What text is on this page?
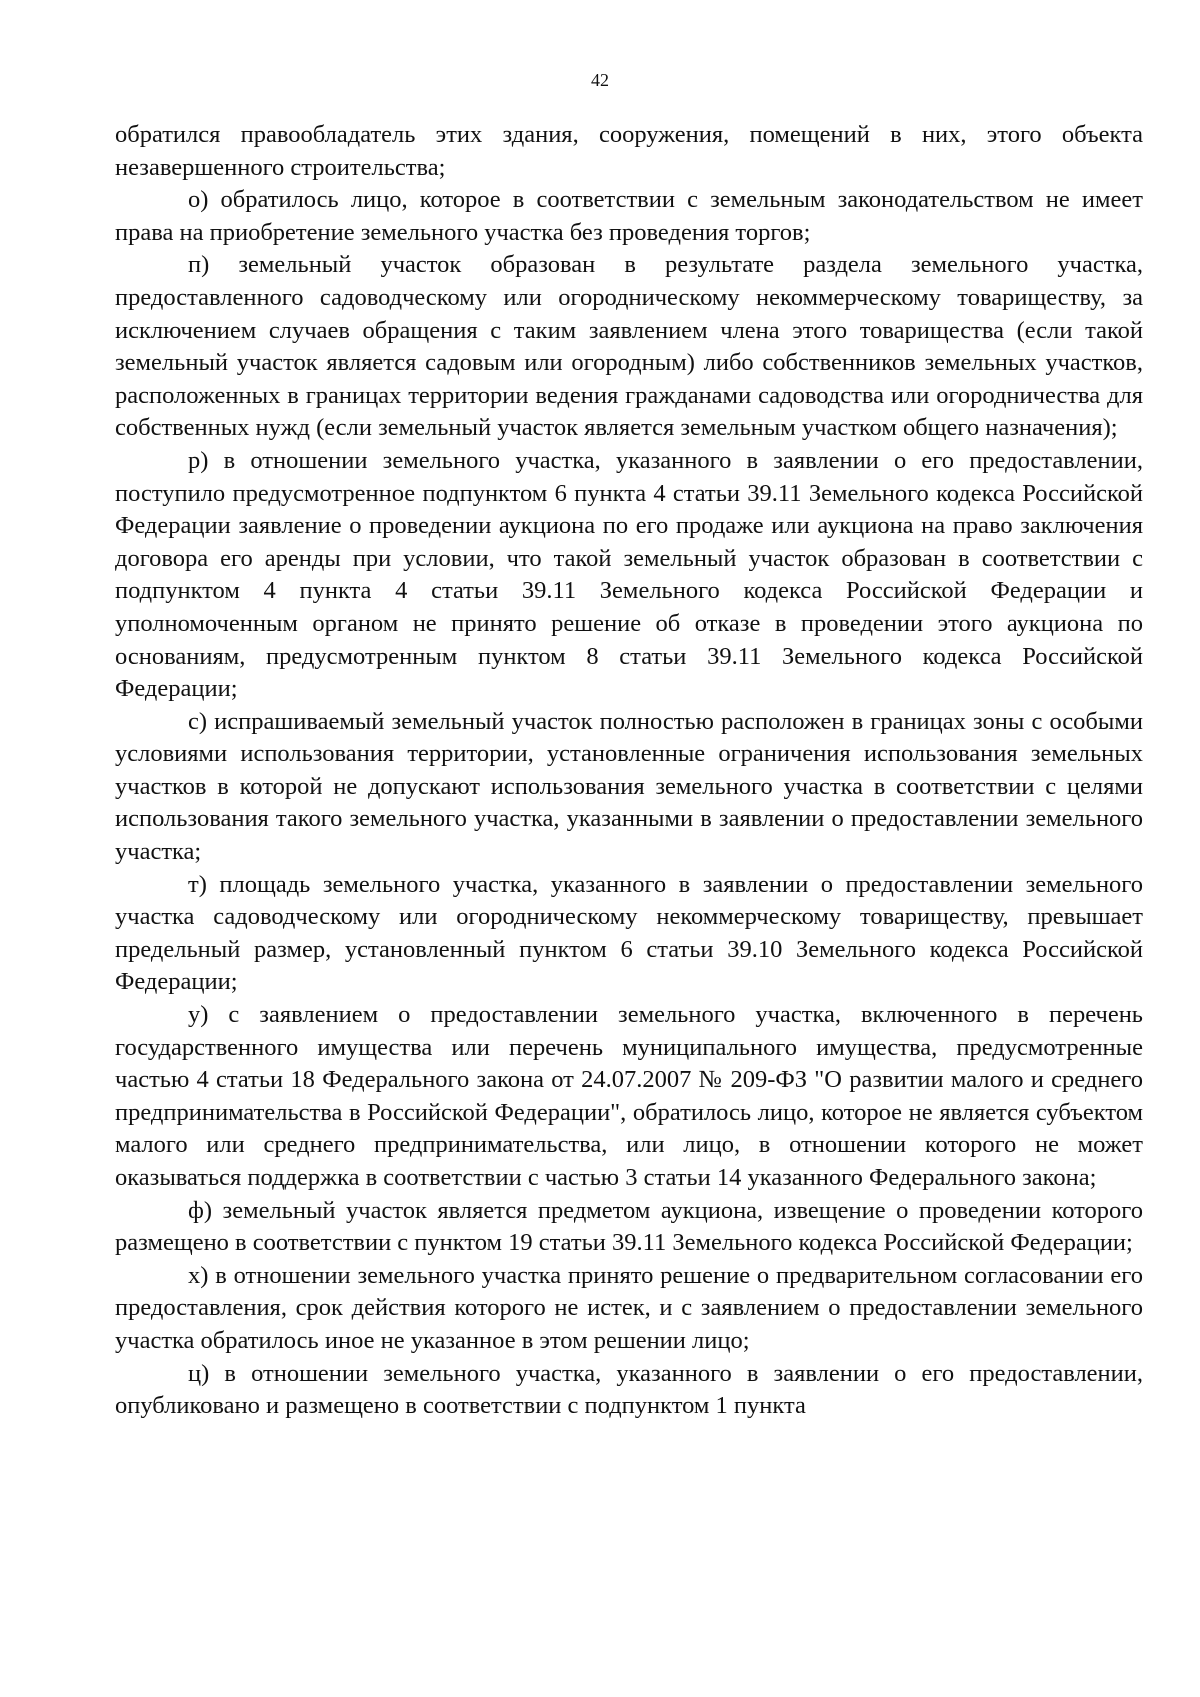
42

обратился правообладатель этих здания, сооружения, помещений в них, этого объекта незавершенного строительства;

о) обратилось лицо, которое в соответствии с земельным законодательством не имеет права на приобретение земельного участка без проведения торгов;

п) земельный участок образован в результате раздела земельного участка, предоставленного садоводческому или огородническому некоммерческому товариществу, за исключением случаев обращения с таким заявлением члена этого товарищества (если такой земельный участок является садовым или огородным) либо собственников земельных участков, расположенных в границах территории ведения гражданами садоводства или огородничества для собственных нужд (если земельный участок является земельным участком общего назначения);

р) в отношении земельного участка, указанного в заявлении о его предоставлении, поступило предусмотренное подпунктом 6 пункта 4 статьи 39.11 Земельного кодекса Российской Федерации заявление о проведении аукциона по его продаже или аукциона на право заключения договора его аренды при условии, что такой земельный участок образован в соответствии с подпунктом 4 пункта 4 статьи 39.11 Земельного кодекса Российской Федерации и уполномоченным органом не принято решение об отказе в проведении этого аукциона по основаниям, предусмотренным пунктом 8 статьи 39.11 Земельного кодекса Российской Федерации;

с) испрашиваемый земельный участок полностью расположен в границах зоны с особыми условиями использования территории, установленные ограничения использования земельных участков в которой не допускают использования земельного участка в соответствии с целями использования такого земельного участка, указанными в заявлении о предоставлении земельного участка;

т) площадь земельного участка, указанного в заявлении о предоставлении земельного участка садоводческому или огородническому некоммерческому товариществу, превышает предельный размер, установленный пунктом 6 статьи 39.10 Земельного кодекса Российской Федерации;

у) с заявлением о предоставлении земельного участка, включенного в перечень государственного имущества или перечень муниципального имущества, предусмотренные частью 4 статьи 18 Федерального закона от 24.07.2007 № 209-ФЗ "О развитии малого и среднего предпринимательства в Российской Федерации", обратилось лицо, которое не является субъектом малого или среднего предпринимательства, или лицо, в отношении которого не может оказываться поддержка в соответствии с частью 3 статьи 14 указанного Федерального закона;

ф) земельный участок является предметом аукциона, извещение о проведении которого размещено в соответствии с пунктом 19 статьи 39.11 Земельного кодекса Российской Федерации;

х) в отношении земельного участка принято решение о предварительном согласовании его предоставления, срок действия которого не истек, и с заявлением о предоставлении земельного участка обратилось иное не указанное в этом решении лицо;

ц) в отношении земельного участка, указанного в заявлении о его предоставлении, опубликовано и размещено в соответствии с подпунктом 1 пункта
